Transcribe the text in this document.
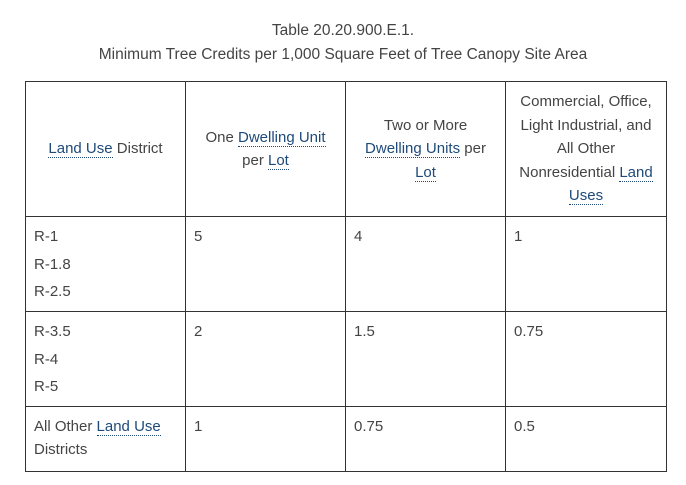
Table 20.20.900.E.1.
Minimum Tree Credits per 1,000 Square Feet of Tree Canopy Site Area
Land Use District	One Dwelling Unit per Lot	Two or More Dwelling Units per Lot	Commercial, Office, Light Industrial, and All Other Nonresidential Land Uses

R-1
R-1.8
R-2.5	5	4	1

R-3.5
R-4
R-5	2	1.5	0.75
All Other Land Use
Districts	1	0.75	0.5
